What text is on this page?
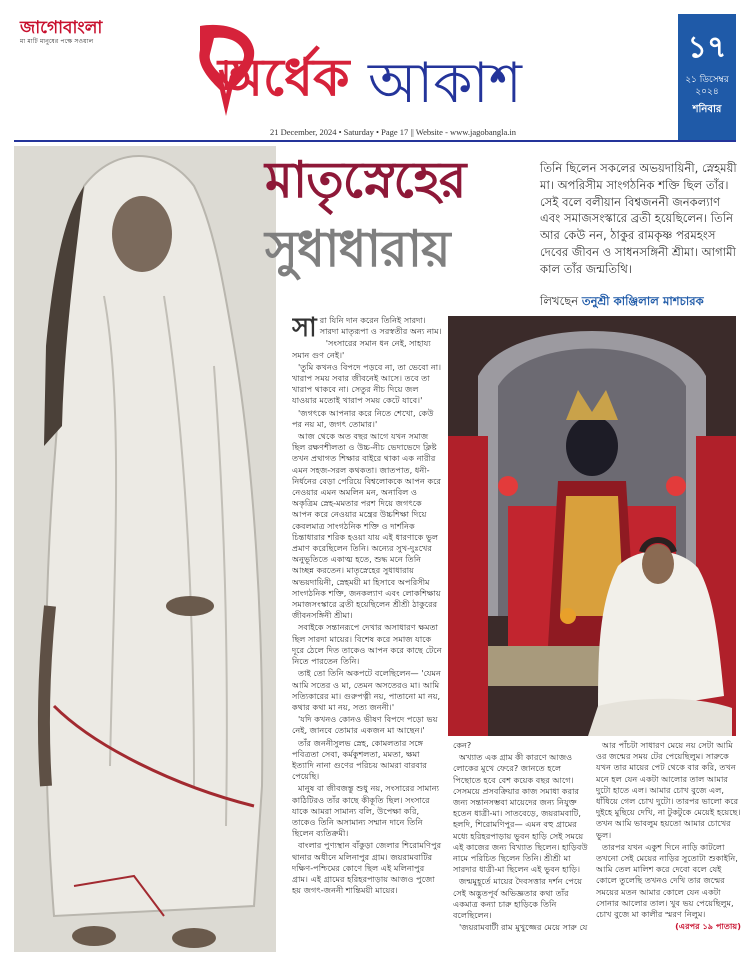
জাগোবাংলা
মা মাটি মানুষের পক্ষে সওয়াল
অর্ধেক আকাশ
21 December, 2024 • Saturday • Page 17 || Website - www.jagobangla.in
১৭
২১ ডিসেম্বর ২০২৪
শনিবার
মাতৃস্নেহের
সুধাধারায়
তিনি ছিলেন সকলের অভয়দায়িনী, স্নেহময়ী মা। অপরিসীম সাংগঠনিক শক্তি ছিল তাঁর। সেই বলে বলীয়ান বিশ্বজননী জনকল্যাণ এবং সমাজসংস্কারে ব্রতী হয়েছিলেন। তিনি আর কেউ নন, ঠাকুর রামকৃষ্ণ পরমহংস দেবের জীবন ও সাধনসঙ্গিনী শ্রীমা। আগামী কাল তাঁর জন্মতিথি।
লিখছেন তনুশ্রী কাঞ্জিলাল মাশচারক

সারা যিনি দান করেন তিনিই সারদা। সারদা মাতৃরূপা ও সরস্বতীর অন্য নাম।

'সংসারের সমান ধন নেই, সাহায্য সমান গুণ নেই।'

'তুমি কখনও বিপদে পড়বে না, তা ভেবো না। খারাপ সময় সবার জীবনেই আসে। তবে তা খারাপ থাকবে না। সেতুর নীচ দিয়ে জল যাওয়ার মতোই খারাপ সময় কেটে যাবে।'

'জগৎকে আপনার করে নিতে শেখো, কেউ পর নয় মা, জগৎ তোমার।'

আজ থেকে অত বছর আগে যখন সমাজ ছিল রক্ষণশীলতা ও উচ্চ-নীচ ভেদাভেদে ক্লিষ্ট তখন প্রথাগত শিক্ষার বাইরে থাকা এক নারীর এমন সহজ-সরল কথকতা। জাতপাত, ধনী-নির্ধনের বেড়া পেরিয়ে বিশ্বলোককে আপন করে নেওয়ার এমন অমলিন মন, অনাবিল ও অকৃত্রিম স্নেহ-মমতার পরশ দিয়ে জগৎকে আপন করে নেওয়ার মন্ত্রের উচ্চশিক্ষা দিয়ে কেবলমাত্র সাংগঠনিক শক্তি ও দার্শনিক চিন্তাধারার শরিক হওয়া যায় এই ধারণাকে ভুল প্রমাণ করেছিলেন তিনি। অন্যের সুখ-দুঃখের অনুভূতিতে একাত্ম হতে, শুদ্ধ মনে তিনি আচ্ছন্ন করতেন। মাতৃস্নেহের সুধাধারায় অভয়দায়িনী, স্নেহময়ী মা হিসাবে অপরিসীম সাংগঠনিক শক্তি, জনকল্যাণ এবং লোকশিক্ষায় সমাজসংস্কারে ব্রতী হয়েছিলেন শ্রীশ্রী ঠাকুরের জীবনসঙ্গিনী শ্রীমা।

সবাইকে সন্তানরূপে দেখার অসাধারণ ক্ষমতা ছিল সারদা মায়ের। বিশেষ করে সমাজ যাকে দূরে ঠেলে দিত তাকেও আপন করে কাছে টেনে নিতে পারতেন তিনি।

তাই তো তিনি অকপটে বলেছিলেন— 'যেমন আমি সতের ও মা, তেমন অসতেরও মা। আমি সত্যিকারের মা। গুরুপত্নী নয়, পাতানো মা নয়, কথার কথা মা নয়, সত্য জননী।'

'যদি কখনও কোনও ভীষণ বিপদে পড়ো ভয় নেই, জানবে তোমার একজন মা আছেন।'

তাঁর জননীসুলভ স্নেহ, কোমলতার সঙ্গে পবিত্রতা সেবা, কর্মকুশলতা, মমতা, ক্ষমা ইত্যাদি নানা গুণের পরিচয় আমরা বারবার পেয়েছি।

মানুষ বা জীবজন্তু শুধু নয়, সংসারের সামান্য কাঠিটিরও তাঁর কাছে কীকূতি ছিল। সংসারে যাকে আমরা সামান্য বলি, উপেক্ষা করি, তাকেও তিনি অসামান্য সম্মান দানে তিনি ছিলেন ব্যতিক্রমী।

বাংলার পুণ্যস্থান বাঁকুড়া জেলার শিরোমণিপুর থানার অধীনে মলিনাপুর গ্রাম। জয়রামবাটির দক্ষিণ-পশ্চিমের কোণে ছিল এই মলিনাপুর গ্রাম। এই গ্রামের হরিহরপাড়ায় আজও পুজো হয় জগৎ-জননী শান্তিময়ী মায়ের।

কেন?

অখ্যাত এক গ্রাম কী কারণে আজও লোকের মুখে ফেরে? জানতে হলে পিছোতে হবে বেশ কয়েক বছর আগে। সেসময়ে প্রসবক্রিয়ার কাজ সমাধা করার জন্য সন্তানসম্ভবা মায়েদের জন্য নিযুক্ত হতেন ধাত্রী-মা। সাতবেড়ে, জয়রামবাটি, হলদি, শিরোমণিপুর— এমন বহু গ্রামের মধ্যে হরিহরপাড়ায় ভুবন হাড়ি সেই সময়ে এই কাজের জন্য বিখ্যাত ছিলেন। হাড়িবউ নামে পরিচিত ছিলেন তিনি। শ্রীশ্রী মা সারদার ধাত্রী-মা ছিলেন এই ভুবন হাড়ি।

জন্মমুহূর্তে মায়ের দৈবসত্তার দর্শন পেয়ে সেই অদ্ভুতপূর্ব অভিজ্ঞতার কথা তাঁর একমাত্র কন্যা চারু হাড়িকে তিনি বলেছিলেন।

'জয়রামবাটী রাম মুখুজ্জের মেয়ে সারু যে

আর পাঁচটা সাধারণ মেয়ে নয় সেটা আমি ওর জন্মের সময় টের পেয়েছিলুম। সারুকে যখন তার মায়ের পেট থেকে বার করি, তখন মনে হল যেন একটা আলোর তাল আমার দুটো হাতে এল। আমার চোখ বুজে এল, ধাঁধিয়ে গেল চোখ দুটো। তারপর ভালো করে দুইহে মুছিয়ে দেখি, না টুকটুকে মেয়েই হয়েছে। তখন আমি ভাবলুম হয়তো আমার চোখের ভুল।

তারপর যখন একুশ দিনে নাড়ি কাটলো তখনো সেই মেয়ের নাড়ির সুতোটা শুকাইনি, আমি তেল মালিশ করে দেবো বলে যেই কোলে তুলেছি তখনও দেখি তার জন্মের সময়ের মতন আমার কোলে যেন একটা সোনার আলোর তাল। খুব ভয় পেয়েছিলুম, চোখ বুজে মা কালীর স্মরণ নিলুম।

(এরপর ১৯ পাতায়)
